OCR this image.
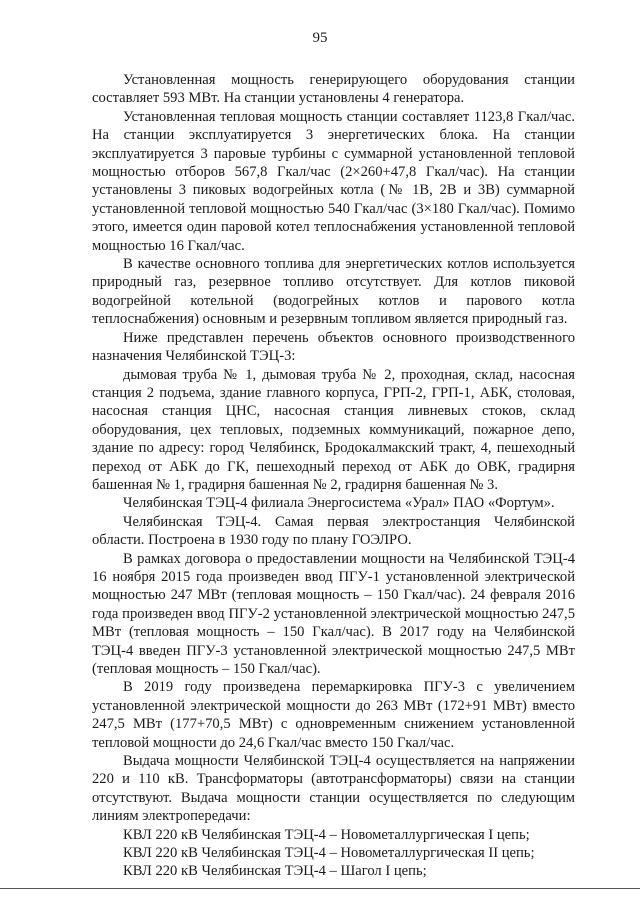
95

Установленная мощность генерирующего оборудования станции составляет 593 МВт. На станции установлены 4 генератора.

Установленная тепловая мощность станции составляет 1123,8 Гкал/час. На станции эксплуатируется 3 энергетических блока. На станции эксплуатируется 3 паровые турбины с суммарной установленной тепловой мощностью отборов 567,8 Гкал/час (2×260+47,8 Гкал/час). На станции установлены 3 пиковых водогрейных котла (№ 1В, 2В и 3В) суммарной установленной тепловой мощностью 540 Гкал/час (3×180 Гкал/час). Помимо этого, имеется один паровой котел теплоснабжения установленной тепловой мощностью 16 Гкал/час.

В качестве основного топлива для энергетических котлов используется природный газ, резервное топливо отсутствует. Для котлов пиковой водогрейной котельной (водогрейных котлов и парового котла теплоснабжения) основным и резервным топливом является природный газ.

Ниже представлен перечень объектов основного производственного назначения Челябинской ТЭЦ-3:

дымовая труба № 1, дымовая труба № 2, проходная, склад, насосная станция 2 подъема, здание главного корпуса, ГРП-2, ГРП-1, АБК, столовая, насосная станция ЦНС, насосная станция ливневых стоков, склад оборудования, цех тепловых, подземных коммуникаций, пожарное депо, здание по адресу: город Челябинск, Бродокалмакский тракт, 4, пешеходный переход от АБК до ГК, пешеходный переход от АБК до ОВК, градирня башенная № 1, градирня башенная № 2, градирня башенная № 3.

Челябинская ТЭЦ-4 филиала Энергосистема «Урал» ПАО «Фортум».

Челябинская ТЭЦ-4. Самая первая электростанция Челябинской области. Построена в 1930 году по плану ГОЭЛРО.

В рамках договора о предоставлении мощности на Челябинской ТЭЦ-4 16 ноября 2015 года произведен ввод ПГУ-1 установленной электрической мощностью 247 МВт (тепловая мощность – 150 Гкал/час). 24 февраля 2016 года произведен ввод ПГУ-2 установленной электрической мощностью 247,5 МВт (тепловая мощность – 150 Гкал/час). В 2017 году на Челябинской ТЭЦ-4 введен ПГУ-3 установленной электрической мощностью 247,5 МВт (тепловая мощность – 150 Гкал/час).

В 2019 году произведена перемаркировка ПГУ-3 с увеличением установленной электрической мощности до 263 МВт (172+91 МВт) вместо 247,5 МВт (177+70,5 МВт) с одновременным снижением установленной тепловой мощности до 24,6 Гкал/час вместо 150 Гкал/час.

Выдача мощности Челябинской ТЭЦ-4 осуществляется на напряжении 220 и 110 кВ. Трансформаторы (автотрансформаторы) связи на станции отсутствуют. Выдача мощности станции осуществляется по следующим линиям электропередачи:

КВЛ 220 кВ Челябинская ТЭЦ-4 – Новометаллургическая I цепь;

КВЛ 220 кВ Челябинская ТЭЦ-4 – Новометаллургическая II цепь;

КВЛ 220 кВ Челябинская ТЭЦ-4 – Шагол I цепь;
